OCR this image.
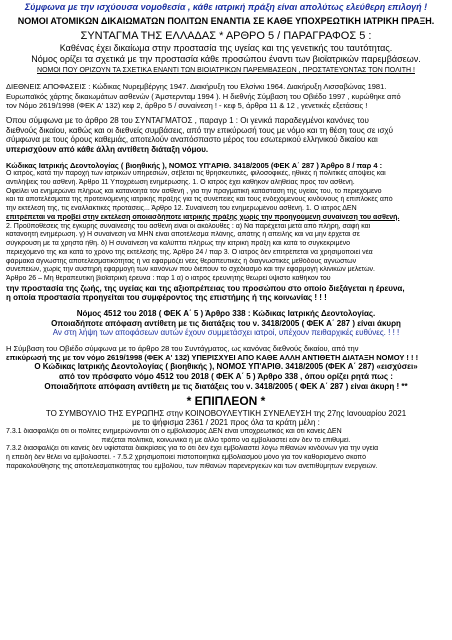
Σύμφωνα με την ισχύουσα νομοθεσία , κάθε ιατρική πράξη είναι απολύτως ελεύθερη επιλογή !
ΝΟΜΟΙ ΑΤΟΜΙΚΩΝ ΔΙΚΑΙΩΜΑΤΩΝ ΠΟΛΙΤΩΝ ΕΝΑΝΤΙΑ ΣΕ ΚΑΘΕ ΥΠΟΧΡΕΩΤΙΚΗ ΙΑΤΡΙΚΗ ΠΡΑΞΗ.
ΣΥΝΤΑΓΜΑ ΤΗΣ ΕΛΛΑΔΑΣ * ΑΡΘΡΟ 5 / ΠΑΡΑΓΡΑΦΟΣ 5 :
Καθένας έχει δικαίωμα στην προστασία της υγείας και της γενετικής του ταυτότητας.
Νόμος ορίζει τα σχετικά με την προστασία κάθε προσώπου έναντι των βιοϊατρικών παρεμβάσεων.
ΝΟΜΟΙ ΠΟΥ ΟΡΙΖΟΥΝ ΤΑ ΣΧΕΤΙΚΑ ΕΝΑΝΤΙ ΤΩΝ ΒΙΟΪΑΤΡΙΚΩΝ ΠΑΡΕΜΒΑΣΕΩΝ , ΠΡΟΣΤΑΤΕΥΟΝΤΑΣ ΤΟΝ ΠΟΛΙΤΗ !
ΔΙΕΘΝΕΙΣ ΑΠΟΦΑΣΕΙΣ : Κώδικας Νυρεμβέργης 1947. Διακήρυξη του Ελσίνκι 1964. Διακήρυξη Λισσαβώνας 1981.
Ευρωπαϊκός χάρτης δικαιωμάτων ασθενών ( Άμστερνταμ 1994 ). Η διεθνής Σύμβαση του Οβιέδο 1997 , κυρώθηκε από
τον Νόμο 2619/1998 (ΦΕΚ Α' 132) κεφ 2, άρθρο 5 / συναίνεση ! - κεφ 5, άρθρα 11 & 12 , γενετικές εξετάσεις !
Όπου σύμφωνα με το άρθρο 28 του ΣΥΝΤΑΓΜΑΤΟΣ , παραγρ 1 : Οι γενικά παραδεγμένοι κανόνες του
διεθνούς δικαίου, καθώς και οι διεθνείς συμβάσεις, από την επικύρωσή τους με νόμο και τη θέση τους σε ισχύ
σύμφωνα με τους όρους καθεμιάς, αποτελούν αναπόσπαστο μέρος του εσωτερικού ελληνικού δικαίου και
υπερισχύουν από κάθε άλλη αντίθετη διάταξη νόμου.
Κώδικας Ιατρικής Δεοντολογίας ( βιοηθικής ), ΝΟΜΟΣ ΥΠ'ΑΡΙΘ. 3418/2005 (ΦΕΚ Α΄ 287 ) Άρθρο 8 / παρ 4 :
Ο ιατρός, κατά την παροχή των ιατρικών υπηρεσιών, σέβεται τις θρησκευτικές, φιλοσοφικές, ηθικές ή πολιτικές απόψεις και
αντιλήψεις του ασθενή. Άρθρο 11 Υποχρέωση ενημέρωσης. 1. Ο ιατρός έχει καθήκον αληθείας προς τον ασθενή.
Οφείλει να ενημερώνει πλήρως και κατανοητά τον ασθενή , για την πραγματική κατάσταση της υγείας του, το περιεχόμενο
και τα αποτελέσματα της προτεινόμενης ιατρικής πράξης για τις συνέπειες και τους ενδεχόμενους κινδύνους ή επιπλοκές από
την εκτέλεσή της, τις εναλλακτικές προτάσεις... Άρθρο 12. Συναίνεση του ενημερωμένου ασθενή. 1. Ο ιατρός ΔΕΝ
επιτρέπεται να προβεί στην εκτέλεση οποιασδήποτε ιατρικής πράξης χωρίς την προηγούμενη συναίνεση του ασθενή.
2. Προϋποθέσεις της έγκυρης συναίνεσης του ασθενή είναι οι ακόλουθες : α) Να παρέχεται μετά από πλήρη, σαφή και
κατανοητή ενημέρωση. γ) Η συναίνεση να ΜΗΝ είναι αποτέλεσμα πλάνης, απάτης ή απειλής και να μην έρχεται σε
σύγκρουση με τα χρηστά ήθη. δ) Η συναίνεση να καλύπτει πλήρως την ιατρική πράξη και κατά το συγκεκριμένο
περιεχόμενό της και κατά το χρόνο της εκτέλεσής της. Άρθρο 24 / παρ 3. Ο ιατρός δεν επιτρέπεται να χρησιμοποιεί νέα
φάρμακα άγνωστης αποτελεσματικότητας ή να εφαρμόζει νέες θεραπευτικές ή διαγνωστικές μεθόδους αγνώστων
συνεπειών, χωρίς την αυστηρή εφαρμογή των κανόνων που διέπουν το σχεδιασμό και την εφαρμογή κλινικών μελετών.
Άρθρο 26 – Μη θεραπευτική βιοϊατρική έρευνα : παρ 1 α) ο ιατρός έρευνητής θεωρεί ύψιστο καθήκον του
την προστασία της ζωής, της υγείας και της αξιοπρέπειας του προσώπου στο οποίο διεξάγεται η έρευνα,
η οποία προστασία προηγείται του συμφέροντος της επιστήμης ή της κοινωνίας ! ! !
Νόμος 4512 του 2018 ( ΦΕΚ Α΄ 5 ) Άρθρο 338 : Κώδικας Ιατρικής Δεοντολογίας.
Οποιαδήποτε απόφαση αντίθετη με τις διατάξεις του ν. 3418/2005 ( ΦΕΚ Α΄ 287 ) είναι άκυρη
Αν στη λήψη των αποφάσεων αυτών έχουν συμμετάσχει ιατροί, υπέχουν πειθαρχικές ευθύνες. ! ! !
Η Σύμβαση του Οβιέδο σύμφωνα με το άρθρο 28 του Συντάγματος, ως κανόνας διεθνούς δικαίου, από την
επικύρωσή της με τον νόμο 2619/1998 (ΦΕΚ Α' 132) ΥΠΕΡΙΣΧΥΕΙ ΑΠΟ ΚΑΘΕ ΑΛΛΗ ΑΝΤΙΘΕΤΗ ΔΙΑΤΑΞΗ ΝΟΜΟΥ ! ! !
Ο Κώδικας Ιατρικής Δεοντολογίας ( βιοηθικής ), ΝΟΜΟΣ ΥΠ'ΑΡΙΘ. 3418/2005 (ΦΕΚ Α΄ 287) «εισχύσει»
από τον πρόσφατο νόμο 4512 του 2018 ( ΦΕΚ Α΄ 5 ) Άρθρο 338 , όπου ορίζει ρητά πως :
Οποιαδήποτε απόφαση αντίθετη με τις διατάξεις του ν. 3418/2005 ( ΦΕΚ Α΄ 287 ) είναι άκυρη ! **
* ΕΠΙΠΛΕΟΝ *
ΤΟ ΣΥΜΒΟΥΛΙΟ ΤΗΣ ΕΥΡΩΠΗΣ στην ΚΟΙΝΟΒΟΥΛΕΥΤΙΚΗ ΣΥΝΕΛΕΥΣΗ της 27ης Ιανουαρίου 2021
με το ψήφισμα 2361 / 2021 προς όλα τα κράτη μέλη :
7.3.1 διασφαλίζει ότι οι πολίτες ενημερώνονται ότι ο εμβολιασμός ΔΕΝ είναι υποχρεωτικός και ότι κανείς ΔΕΝ
πιέζεται πολιτικά, κοινωνικά ή με άλλο τρόπο να εμβολιαστεί εάν δεν το επιθυμεί.
7.3.2 διασφαλίζει ότι κανείς δεν υφίσταται διακρίσεις για το ότι δεν έχει εμβολιαστεί λόγω πιθανών κινδύνων για την υγεία
ή επειδή δεν θέλει να εμβολιαστεί. - 7.5.2 χρησιμοποιεί πιστοποιητικά εμβολιασμού μόνο για τον καθορισμένο σκοπό
παρακολούθησης της αποτελεσματικότητας του εμβολίου, των πιθανών παρενεργειών και των ανεπιθύμητων ενεργειών.
